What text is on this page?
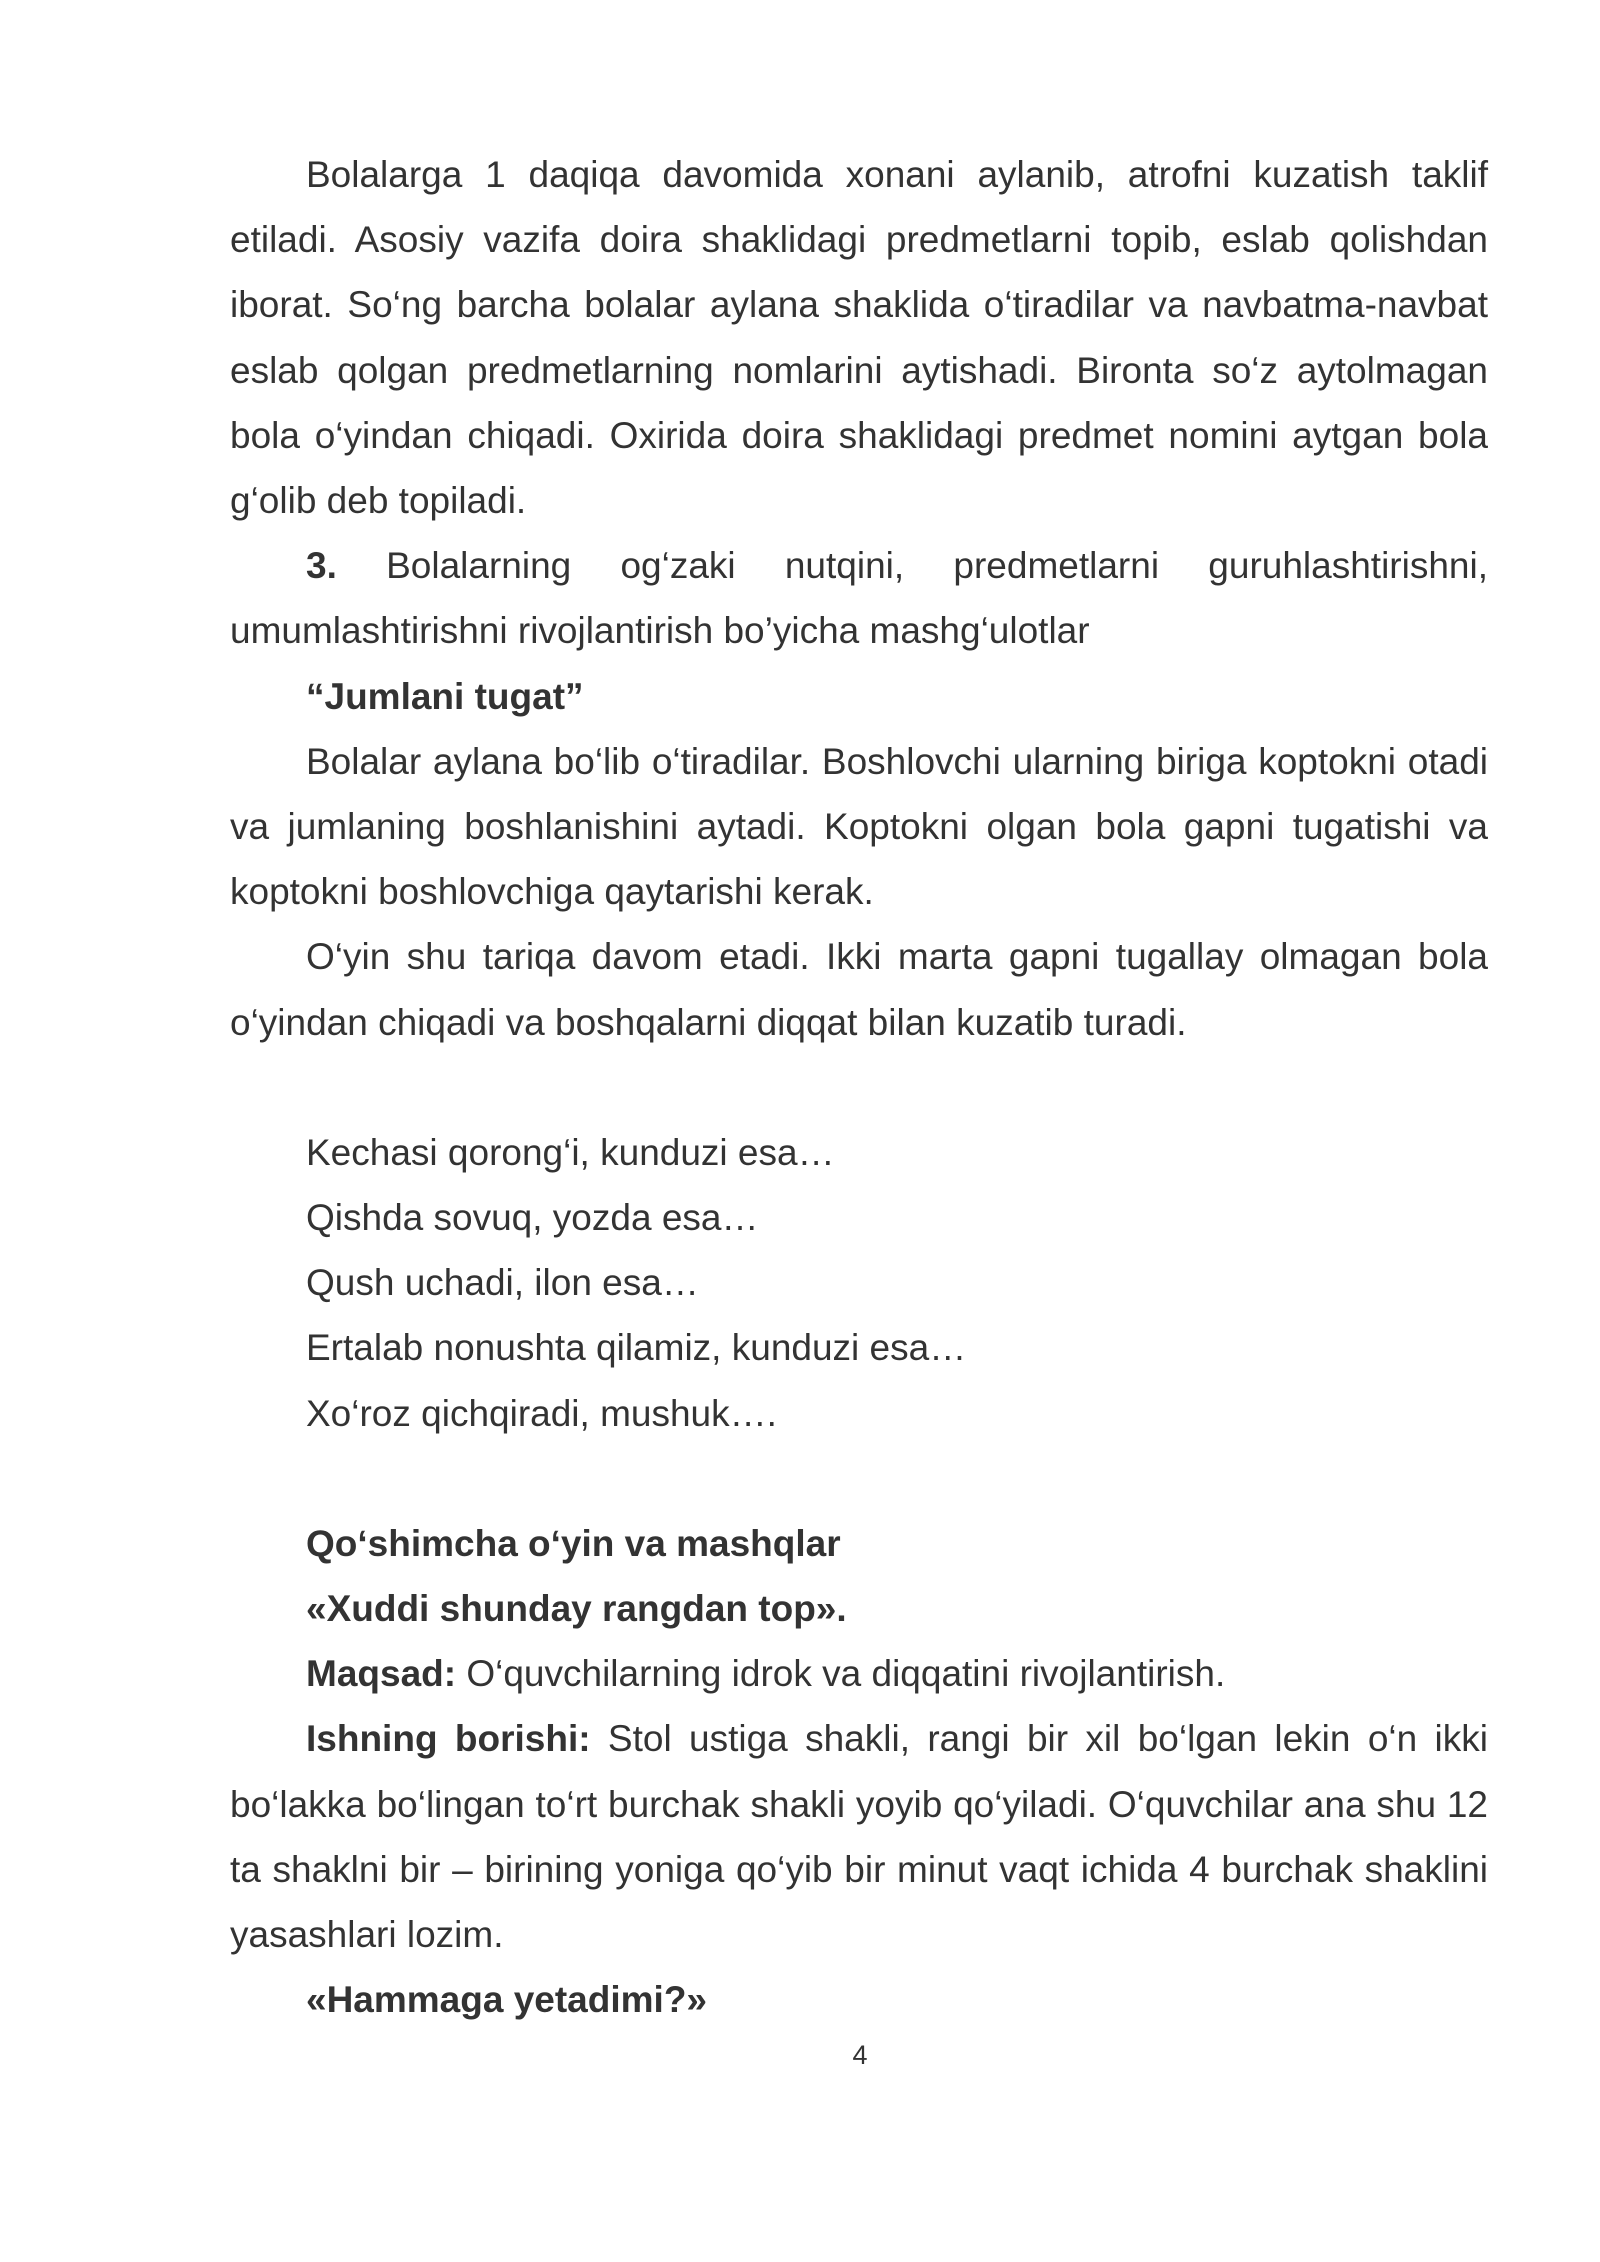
Bolalarga 1 daqiqa davomida xonani aylanib, atrofni kuzatish taklif etiladi. Asosiy vazifa doira shaklidagi predmetlarni topib, eslab qolishdan iborat. So‘ng barcha bolalar aylana shaklida o‘tiradilar va navbatma-navbat eslab qolgan predmetlarning nomlarini aytishadi. Bironta so‘z aytolmagan bola o‘yindan chiqadi. Oxirida doira shaklidagi predmet nomini aytgan bola g‘olib deb topiladi.

3. Bolalarning og‘zaki nutqini, predmetlarni guruhlashtirishni, umumlashtirishni rivojlantirish bo’yicha mashg‘ulotlar

“Jumlani tugat”

Bolalar aylana bo‘lib o‘tiradilar. Boshlovchi ularning biriga koptokni otadi va jumlaning boshlanishini aytadi. Koptokni olgan bola gapni tugatishi va koptokni boshlovchiga qaytarishi kerak.

O‘yin shu tariqa davom etadi. Ikki marta gapni tugallay olmagan bola o‘yindan chiqadi va boshqalarni diqqat bilan kuzatib turadi.

Kechasi qorong‘i, kunduzi esa…

Qishda sovuq, yozda esa…

Qush uchadi, ilon esa…

Ertalab nonushta qilamiz, kunduzi esa…

Xo‘roz qichqiradi, mushuk….

Qo‘shimcha o‘yin va mashqlar

«Xuddi shunday rangdan top».

Maqsad: O‘quvchilarning idrok va diqqatini rivojlantirish.

Ishning borishi: Stol ustiga shakli, rangi bir xil bo‘lgan lekin o‘n ikki bo‘lakka bo‘lingan to‘rt burchak shakli yoyib qo‘yiladi. O‘quvchilar ana shu 12 ta shaklni bir – birining yoniga qo‘yib bir minut vaqt ichida 4 burchak shaklini yasashlari lozim.

«Hammaga yetadimi?»

4
